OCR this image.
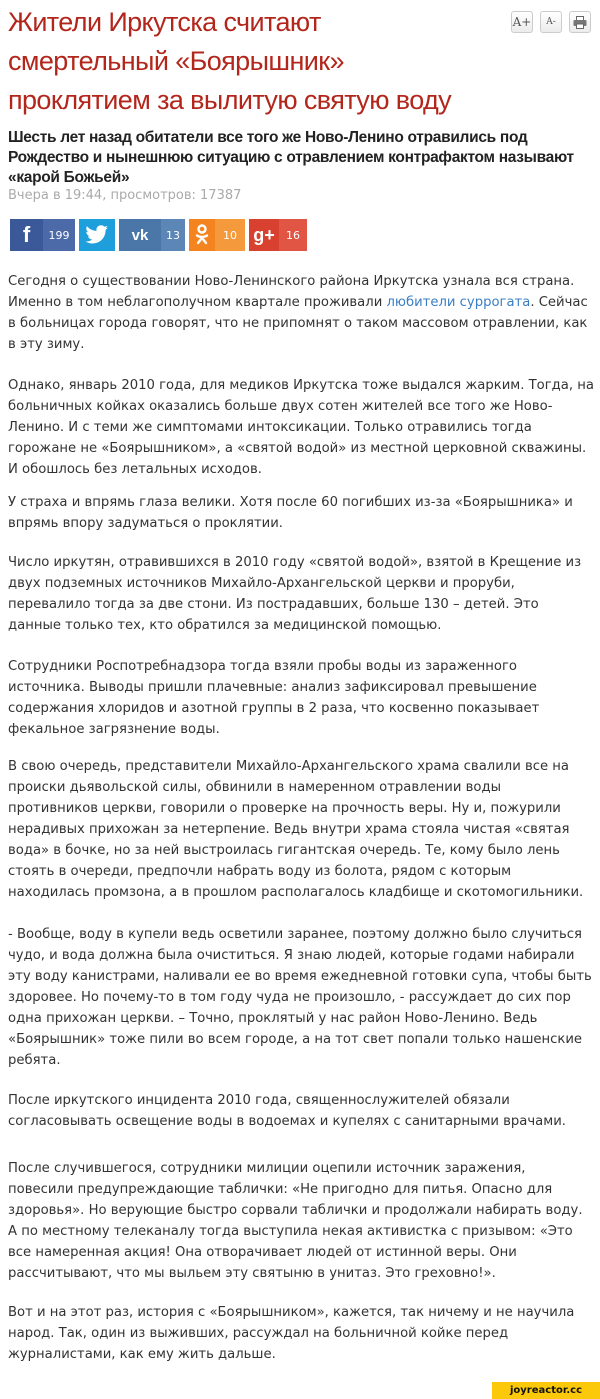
Жители Иркутска считают смертельный «Боярышник» проклятием за вылитую святую воду
A+	A-
Шесть лет назад обитатели все того же Ново-Ленино отравились под Рождество и нынешнюю ситуацию с отравлением контрафактом называют «карой Божьей»
Вчера в 19:44, просмотров: 17387
f	199	vk	13	10 g+	16

Сегодня о существовании Ново-Ленинского района Иркутска узнала вся страна. Именно в том неблагополучном квартале проживали любители суррогата. Сейчас в больницах города говорят, что не припомнят о таком массовом отравлении, как в эту зиму.

Однако, январь 2010 года, для медиков Иркутска тоже выдался жарким. Тогда, на больничных койках оказались больше двух сотен жителей все того же Ново-Ленино. И с теми же симптомами интоксикации. Только отравились тогда горожане не «Боярышником», а «святой водой» из местной церковной скважины. И обошлось без летальных исходов.

У страха и впрямь глаза велики. Хотя после 60 погибших из-за «Боярышника» и впрямь впору задуматься о проклятии.

Число иркутян, отравившихся в 2010 году «святой водой», взятой в Крещение из двух подземных источников Михайло-Архангельской церкви и проруби, перевалило тогда за две стони. Из пострадавших, больше 130 – детей. Это данные только тех, кто обратился за медицинской помощью.

Сотрудники Роспотребнадзора тогда взяли пробы воды из зараженного источника. Выводы пришли плачевные: анализ зафиксировал превышение содержания хлоридов и азотной группы в 2 раза, что косвенно показывает фекальное загрязнение воды.

В свою очередь, представители Михайло-Архангельского храма свалили все на происки дьявольской силы, обвинили в намеренном отравлении воды противников церкви, говорили о проверке на прочность веры. Ну и, пожурили нерадивых прихожан за нетерпение. Ведь внутри храма стояла чистая «святая вода» в бочке, но за ней выстроилась гигантская очередь. Те, кому было лень стоять в очереди, предпочли набрать воду из болота, рядом с которым находилась промзона, а в прошлом располагалось кладбище и скотомогильники.

- Вообще, воду в купели ведь осветили заранее, поэтому должно было случиться чудо, и вода должна была очиститься. Я знаю людей, которые годами набирали эту воду канистрами, наливали ее во время ежедневной готовки супа, чтобы быть здоровее. Но почему-то в том году чуда не произошло, - рассуждает до сих пор одна прихожан церкви. – Точно, проклятый у нас район Ново-Ленино. Ведь «Боярышник» тоже пили во всем городе, а на тот свет попали только нашенские ребята.

После иркутского инцидента 2010 года, священнослужителей обязали согласовывать освещение воды в водоемах и купелях с санитарными врачами.

После случившегося, сотрудники милиции оцепили источник заражения, повесили предупреждающие таблички: «Не пригодно для питья. Опасно для здоровья». Но верующие быстро сорвали таблички и продолжали набирать воду. А по местному телеканалу тогда выступила некая активистка с призывом: «Это все намеренная акция! Она отворачивает людей от истинной веры. Они рассчитывают, что мы выльем эту святыню в унитаз. Это греховно!».

Вот и на этот раз, история с «Боярышником», кажется, так ничему и не научила народ. Так, один из выживших, рассуждал на больничной койке перед журналистами, как ему жить дальше.

joyreactor.cc
